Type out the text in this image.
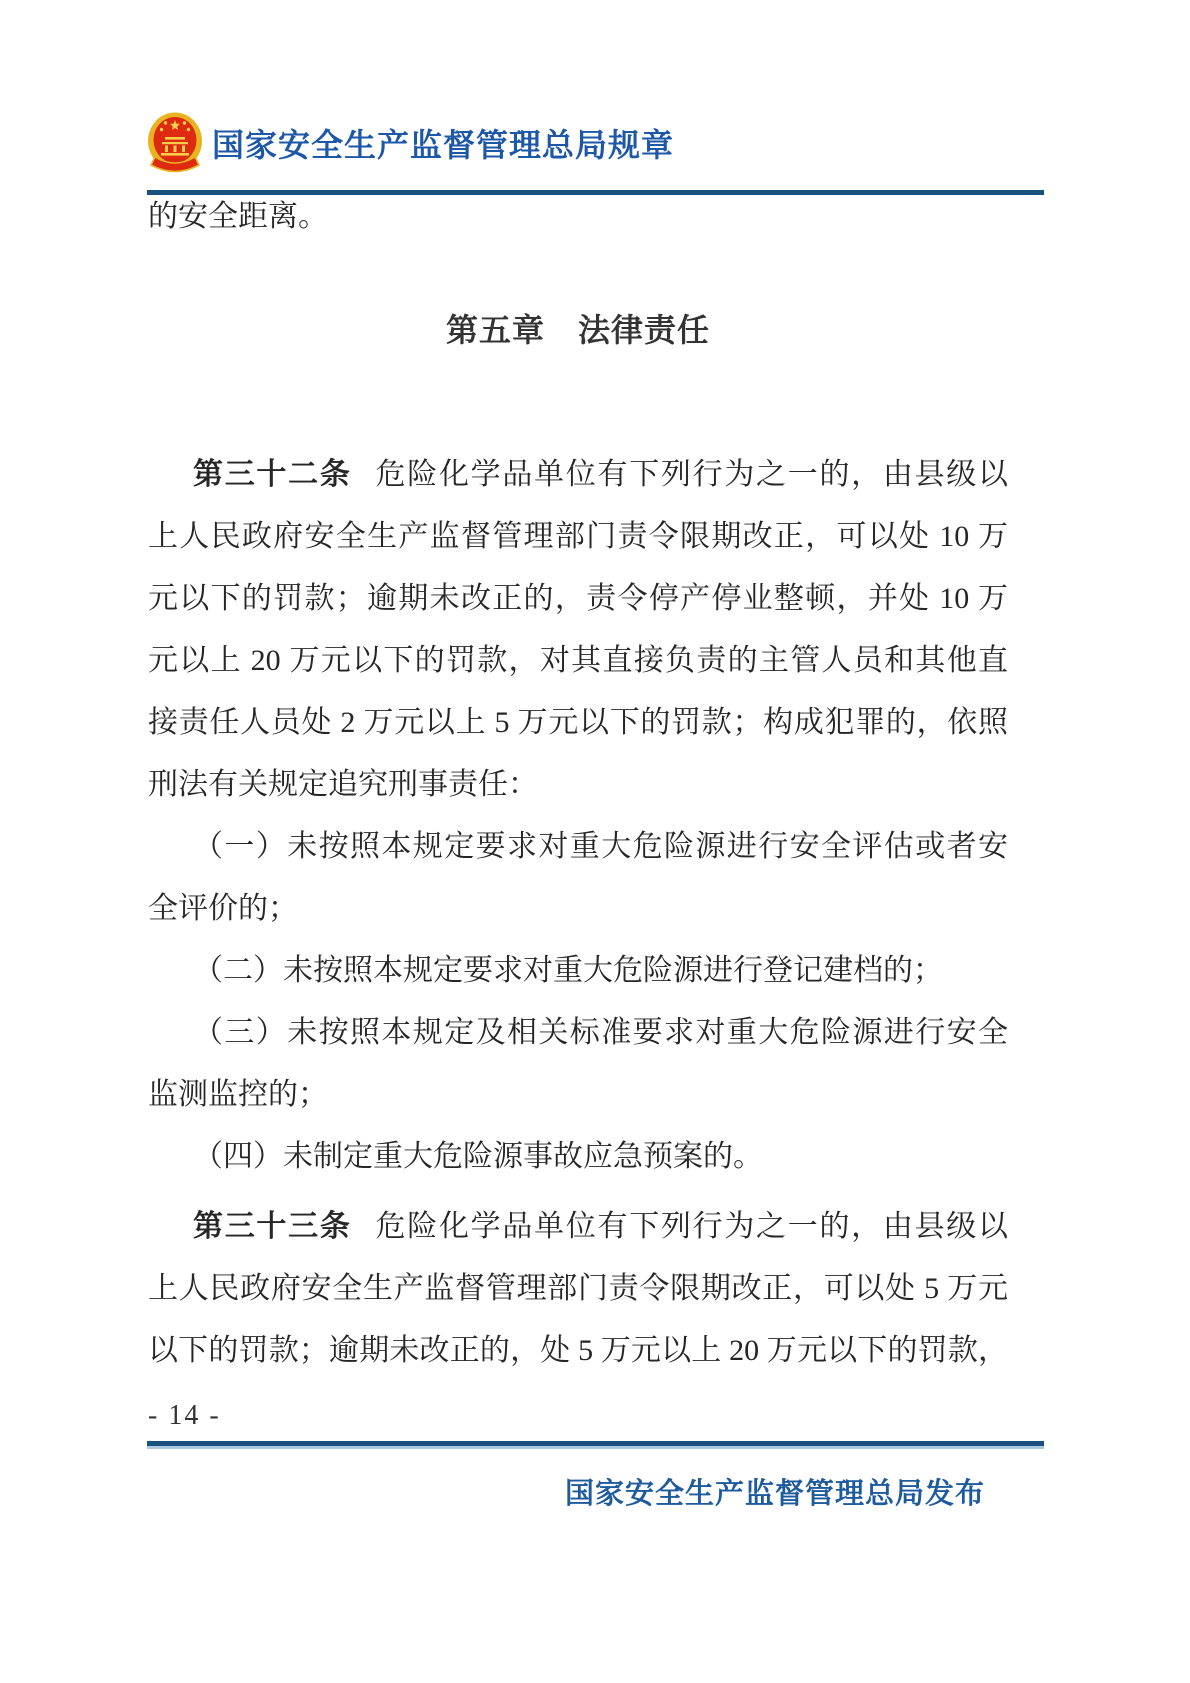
国家安全生产监督管理总局规章
的安全距离。
第五章　法律责任
第三十二条 危险化学品单位有下列行为之一的，由县级以
上人民政府安全生产监督管理部门责令限期改正，可以处 10 万
元以下的罚款；逾期未改正的，责令停产停业整顿，并处 10 万
元以上 20 万元以下的罚款，对其直接负责的主管人员和其他直
接责任人员处 2 万元以上 5 万元以下的罚款；构成犯罪的，依照
刑法有关规定追究刑事责任：
（一）未按照本规定要求对重大危险源进行安全评估或者安
全评价的；
（二）未按照本规定要求对重大危险源进行登记建档的；
（三）未按照本规定及相关标准要求对重大危险源进行安全
监测监控的；
（四）未制定重大危险源事故应急预案的。
第三十三条 危险化学品单位有下列行为之一的，由县级以
上人民政府安全生产监督管理部门责令限期改正，可以处 5 万元
以下的罚款；逾期未改正的，处 5 万元以上 20 万元以下的罚款，
- 14 -
国家安全生产监督管理总局发布
